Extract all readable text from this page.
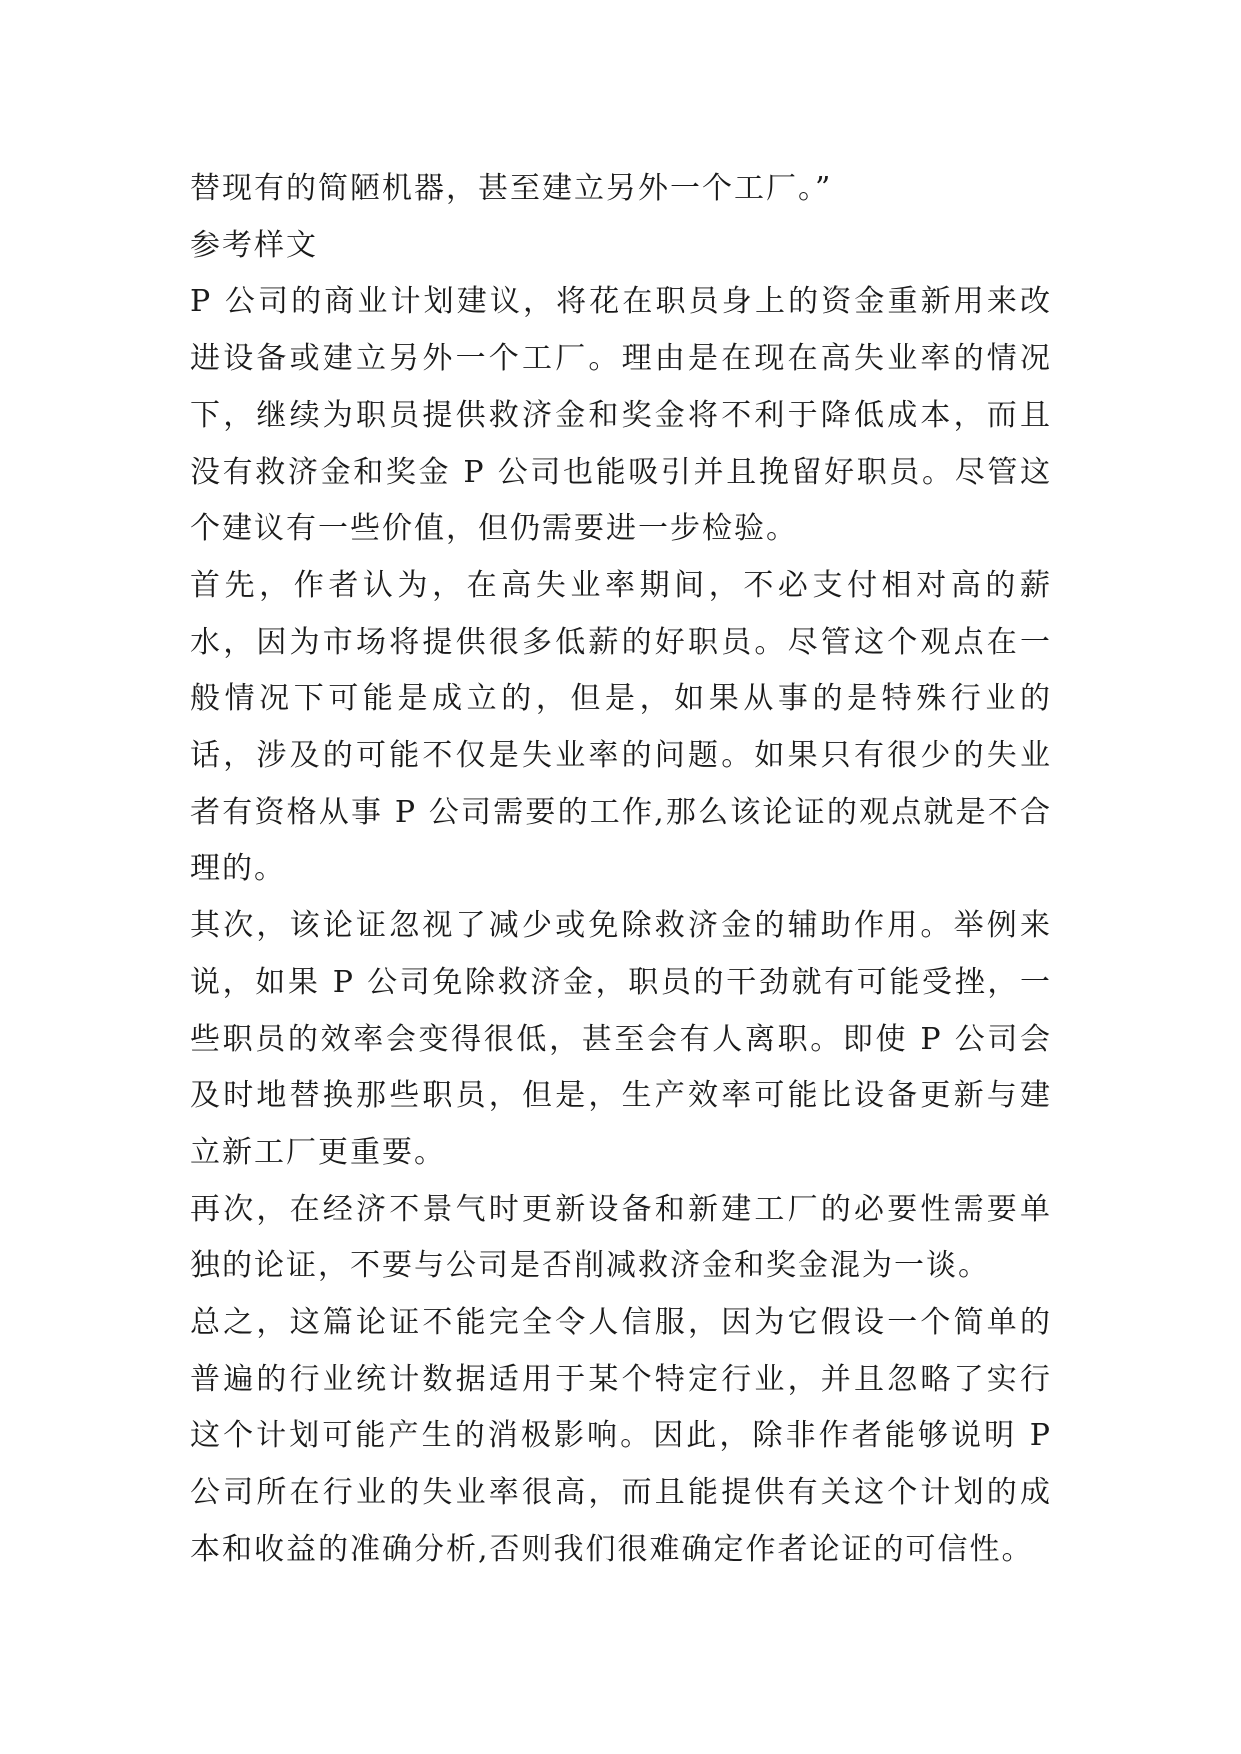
替现有的简陋机器，甚至建立另外一个工厂。”

参考样文

P 公司的商业计划建议，将花在职员身上的资金重新用来改进设备或建立另外一个工厂。理由是在现在高失业率的情况下，继续为职员提供救济金和奖金将不利于降低成本，而且没有救济金和奖金 P 公司也能吸引并且挽留好职员。尽管这个建议有一些价值，但仍需要进一步检验。

首先，作者认为，在高失业率期间，不必支付相对高的薪水，因为市场将提供很多低薪的好职员。尽管这个观点在一般情况下可能是成立的，但是，如果从事的是特殊行业的话，涉及的可能不仅是失业率的问题。如果只有很少的失业者有资格从事 P 公司需要的工作,那么该论证的观点就是不合理的。

其次，该论证忽视了减少或免除救济金的辅助作用。举例来说，如果 P 公司免除救济金，职员的干劲就有可能受挫，一些职员的效率会变得很低，甚至会有人离职。即使 P 公司会及时地替换那些职员，但是，生产效率可能比设备更新与建立新工厂更重要。

再次，在经济不景气时更新设备和新建工厂的必要性需要单独的论证，不要与公司是否削减救济金和奖金混为一谈。

总之，这篇论证不能完全令人信服，因为它假设一个简单的普遍的行业统计数据适用于某个特定行业，并且忽略了实行这个计划可能产生的消极影响。因此，除非作者能够说明 P 公司所在行业的失业率很高，而且能提供有关这个计划的成本和收益的准确分析,否则我们很难确定作者论证的可信性。
